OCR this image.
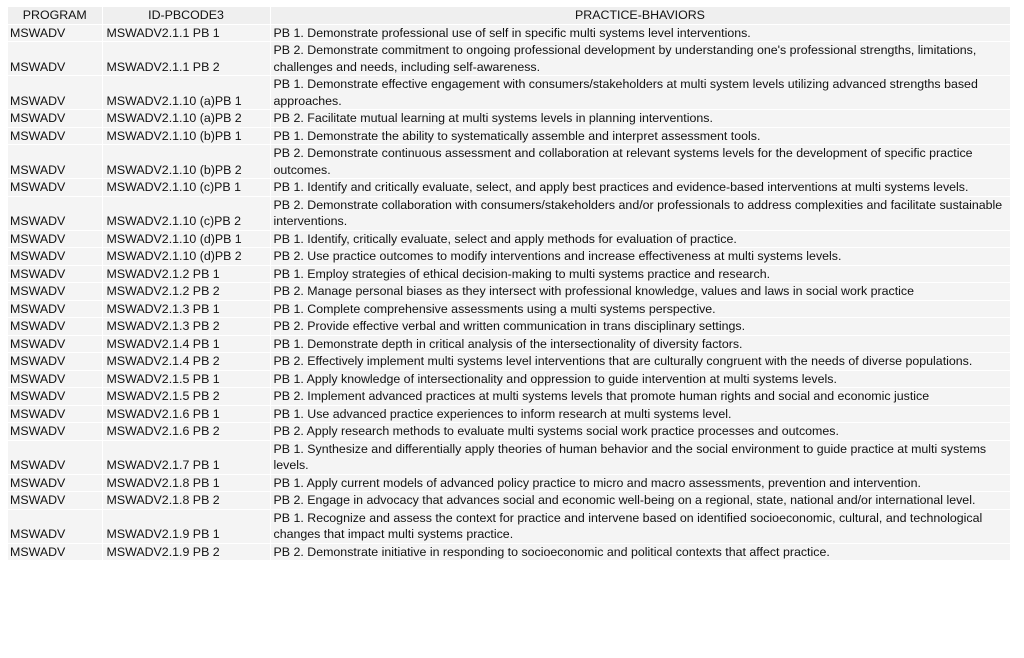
PROGRAM	ID-PBCODE3	PRACTICE-BHAVIORS
MSWADV	MSWADV2.1.1 PB 1	PB 1. Demonstrate professional use of self in specific multi systems level interventions.
MSWADV	MSWADV2.1.1 PB 2	PB 2. Demonstrate commitment to ongoing professional development by understanding one's professional strengths, limitations, challenges and needs, including self-awareness.
MSWADV	MSWADV2.1.10 (a)PB 1	PB 1. Demonstrate effective engagement with consumers/stakeholders at multi system levels utilizing advanced strengths based approaches.
MSWADV	MSWADV2.1.10 (a)PB 2	PB 2. Facilitate mutual learning at multi systems levels in planning interventions.
MSWADV	MSWADV2.1.10 (b)PB 1	PB 1. Demonstrate the ability to systematically assemble and interpret assessment tools.
MSWADV	MSWADV2.1.10 (b)PB 2	PB 2. Demonstrate continuous assessment and collaboration at relevant systems levels for the development of specific practice outcomes.
MSWADV	MSWADV2.1.10 (c)PB 1	PB 1. Identify and critically evaluate, select, and apply best practices and evidence-based interventions at multi systems levels.
MSWADV	MSWADV2.1.10 (c)PB 2	PB 2. Demonstrate collaboration with consumers/stakeholders and/or professionals to address complexities and facilitate sustainable interventions.
MSWADV	MSWADV2.1.10 (d)PB 1	PB 1. Identify, critically evaluate, select and apply methods for evaluation of practice.
MSWADV	MSWADV2.1.10 (d)PB 2	PB 2. Use practice outcomes to modify interventions and increase effectiveness at multi systems levels.
MSWADV	MSWADV2.1.2 PB 1	PB 1. Employ strategies of ethical decision-making to multi systems practice and research.
MSWADV	MSWADV2.1.2 PB 2	PB 2. Manage personal biases as they intersect with professional knowledge, values and laws in social work practice
MSWADV	MSWADV2.1.3 PB 1	PB 1. Complete comprehensive assessments using a multi systems perspective.
MSWADV	MSWADV2.1.3 PB 2	PB 2. Provide effective verbal and written communication in trans disciplinary settings.
MSWADV	MSWADV2.1.4 PB 1	PB 1. Demonstrate depth in critical analysis of the intersectionality of diversity factors.
MSWADV	MSWADV2.1.4 PB 2	PB 2. Effectively implement multi systems level interventions that are culturally congruent with the needs of diverse populations.
MSWADV	MSWADV2.1.5 PB 1	PB 1. Apply knowledge of intersectionality and oppression to guide intervention at multi systems levels.
MSWADV	MSWADV2.1.5 PB 2	PB 2. Implement advanced practices at multi systems levels that promote human rights and social and economic justice
MSWADV	MSWADV2.1.6 PB 1	PB 1. Use advanced practice experiences to inform research at multi systems level.
MSWADV	MSWADV2.1.6 PB 2	PB 2. Apply research methods to evaluate multi systems social work practice processes and outcomes.
MSWADV	MSWADV2.1.7 PB 1	PB 1. Synthesize and differentially apply theories of human behavior and the social environment to guide practice at multi systems levels.
MSWADV	MSWADV2.1.8 PB 1	PB 1. Apply current models of advanced policy practice to micro and macro assessments, prevention and intervention.
MSWADV	MSWADV2.1.8 PB 2	PB 2. Engage in advocacy that advances social and economic well-being on a regional, state, national and/or international level.
MSWADV	MSWADV2.1.9 PB 1	PB 1. Recognize and assess the context for practice and intervene based on identified socioeconomic, cultural, and technological changes that impact multi systems practice.
MSWADV	MSWADV2.1.9 PB 2	PB 2. Demonstrate initiative in responding to socioeconomic and political contexts that affect practice.
